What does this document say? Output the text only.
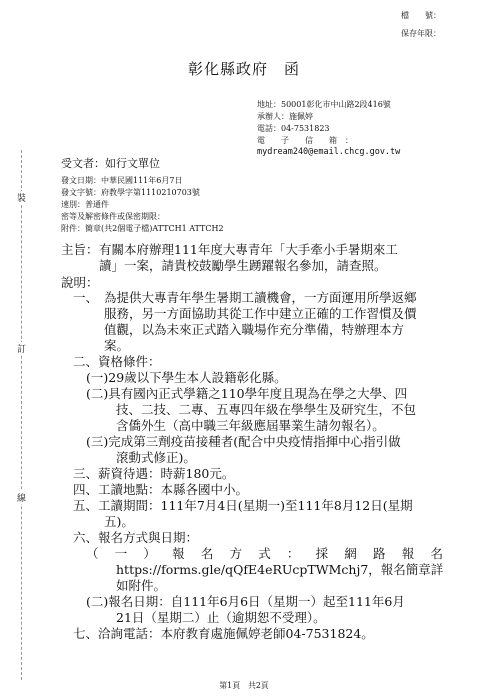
檔　　號：
保存年限：
彰化縣政府　函
地址：50001彰化市中山路2段416號
承辦人：施佩婷
電話：04-7531823
電　　子　　信　　箱　：
mydream240@email.chcg.gov.tw
受文者：如行文單位
發文日期：中華民國111年6月7日
發文字號：府教學字第1110210703號
速別：普通件
密等及解密條件或保密期限：
附件：簡章(共2個電子檔)ATTCH1 ATTCH2
裝
訂
線
主旨： 有關本府辦理111年度大專青年「大手牽小手暑期來工
讀」一案，請貴校鼓勵學生踴躍報名參加，請查照。
說明：
一、 為提供大專青年學生暑期工讀機會，一方面運用所學返鄉
服務，另一方面協助其從工作中建立正確的工作習慣及價
值觀，以為未來正式踏入職場作充分準備，特辦理本方
案。
二、資格條件：
(一)29歲以下學生本人設籍彰化縣。
(二)具有國內正式學籍之110學年度且現為在學之大學、四
技、二技、二專、五專四年級在學學生及研究生，不包
含僑外生（高中職三年級應屆畢業生請勿報名）。
(三)完成第三劑疫苗接種者(配合中央疫情指揮中心指引做
滾動式修正)。
三、薪資待遇：時薪180元。
四、工讀地點：本縣各國中小。
五、工讀期間：111年7月4日(星期一)至111年8月12日(星期
五)。
六、報名方式與日期：
（ 一 ） 報 名 方 式 ： 採 網 路 報 名
https://forms.gle/qQfE4eRUcpTWMchj7，報名簡章詳
如附件。
(二)報名日期：自111年6月6日（星期一）起至111年6月
21日（星期二）止（逾期恕不受理）。
七、洽詢電話：本府教育處施佩婷老師04-7531824。
第1頁　共2頁
